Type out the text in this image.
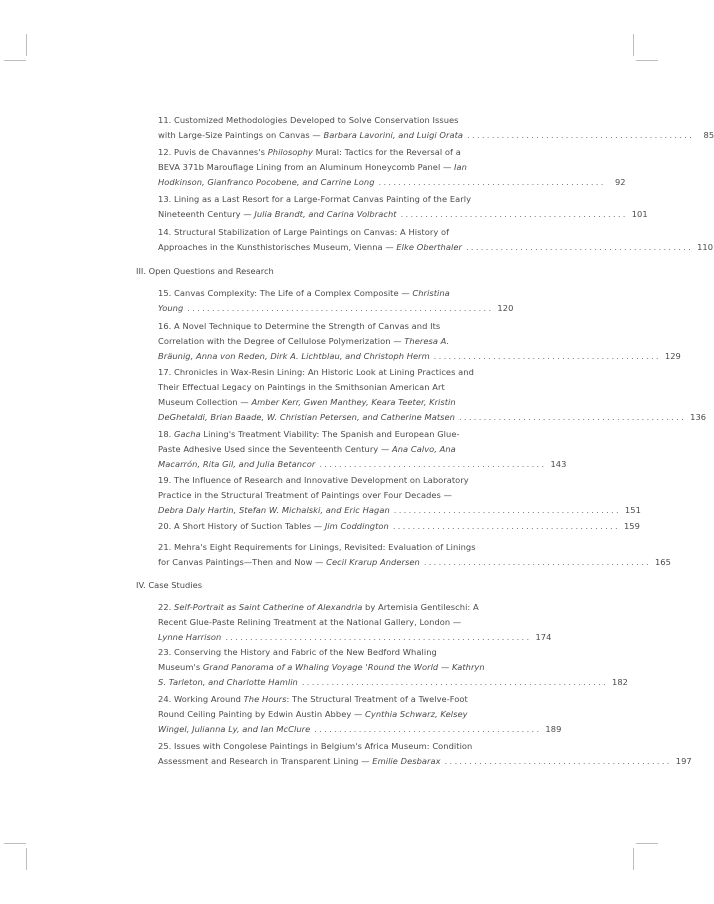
11. Customized Methodologies Developed to Solve Conservation Issues
with Large-Size Paintings on Canvas — Barbara Lavorini, and Luigi Orata ..............................................	85
12. Puvis de Chavannes's Philosophy Mural: Tactics for the Reversal of a
BEVA 371b Marouflage Lining from an Aluminum Honeycomb Panel — Ian
Hodkinson, Gianfranco Pocobene, and Carrine Long ..............................................	92
13. Lining as a Last Resort for a Large-Format Canvas Painting of the Early
Nineteenth Century — Julia Brandt, and Carina Volbracht .............................................. 101
14. Structural Stabilization of Large Paintings on Canvas: A History of
Approaches in the Kunsthistorisches Museum, Vienna — Elke Oberthaler .............................................. 110
III. Open Questions and Research
15. Canvas Complexity: The Life of a Complex Composite — Christina
Young .............................................................. 120
16. A Novel Technique to Determine the Strength of Canvas and Its
Correlation with the Degree of Cellulose Polymerization — Theresa A.
Bräunig, Anna von Reden, Dirk A. Lichtblau, and Christoph Herm .............................................. 129
17. Chronicles in Wax-Resin Lining: An Historic Look at Lining Practices and
Their Effectual Legacy on Paintings in the Smithsonian American Art
Museum Collection — Amber Kerr, Gwen Manthey, Keara Teeter, Kristin
DeGhetaldi, Brian Baade, W. Christian Petersen, and Catherine Matsen .............................................. 136
18. Gacha Lining's Treatment Viability: The Spanish and European Glue-
Paste Adhesive Used since the Seventeenth Century — Ana Calvo, Ana
Macarrón, Rita Gil, and Julia Betancor .............................................. 143
19. The Influence of Research and Innovative Development on Laboratory
Practice in the Structural Treatment of Paintings over Four Decades —
Debra Daly Hartin, Stefan W. Michalski, and Eric Hagan .............................................. 151
20. A Short History of Suction Tables — Jim Coddington .............................................. 159
21. Mehra's Eight Requirements for Linings, Revisited: Evaluation of Linings
for Canvas Paintings—Then and Now — Cecil Krarup Andersen .............................................. 165
IV. Case Studies
22. Self-Portrait as Saint Catherine of Alexandria by Artemisia Gentileschi: A
Recent Glue-Paste Relining Treatment at the National Gallery, London —
Lynne Harrison .............................................................. 174
23. Conserving the History and Fabric of the New Bedford Whaling
Museum's Grand Panorama of a Whaling Voyage 'Round the World — Kathryn
S. Tarleton, and Charlotte Hamlin .............................................................. 182
24. Working Around The Hours: The Structural Treatment of a Twelve-Foot
Round Ceiling Painting by Edwin Austin Abbey — Cynthia Schwarz, Kelsey
Wingel, Julianna Ly, and Ian McClure .............................................. 189
25. Issues with Congolese Paintings in Belgium's Africa Museum: Condition
Assessment and Research in Transparent Lining — Emilie Desbarax .............................................. 197
